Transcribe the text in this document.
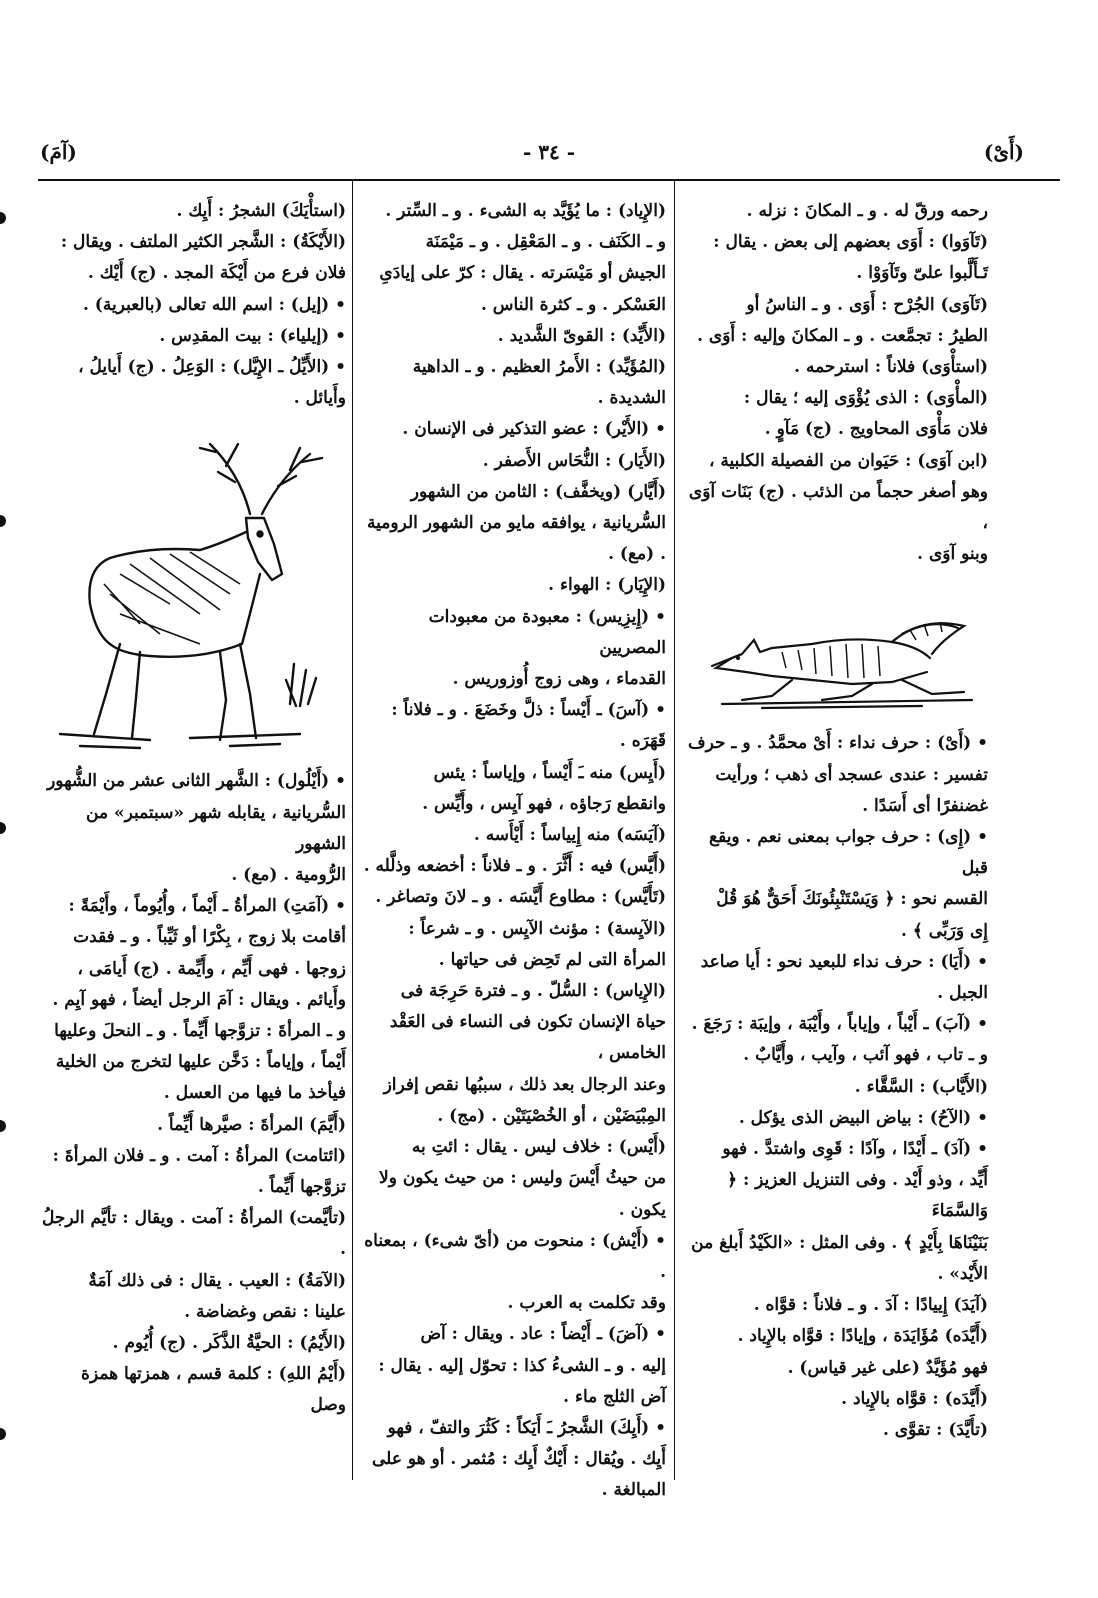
(أَىْ)
- ٣٤ -
(آمَ)

رحمه ورقّ له . و ـ المكانَ : نزله .

(تَآوَوا) : أَوَى بعضهم إلى بعض . يقال :

تَـأَلَّبوا علىّ وتَآوَوْا .

(تَآوَى) الجُرْح : أَوَى . و ـ الناسُ أو

الطيرُ : تجمَّعت . و ـ المكانَ وإليه : أَوَى .

(استأْوَى) فلاناً : استرحمه .

(المأْوَى) : الذى يُؤْوَى إليه ؛ يقال :

فلان مَأْوَى المحاويج . (ج) مَآوٍ .

(ابن آوَى) : حَيَوان من الفصيلة الكلبية ،

وهو أصغر حجماً من الذئب . (ج) بَنَات آوَى ،

وبنو آوَى .

• (أَىْ) : حرف نداء : أَىْ محمَّدُ . و ـ حرف

تفسير : عندى عسجد أى ذهب ؛ ورأيت

غضنفرًا أى أَسَدًا .

• (إِى) : حرف جواب بمعنى نعم . ويقع قبل

القسم نحو : ﴿ وَيَسْتَنْبِئُونَكَ أَحَقٌّ هُوَ قُلْ

إِى وَرَبِّى ﴾ .

• (أَيَا) : حرف نداء للبعيد نحو : أَيا صاعد

الجبل .

• (آبَ) ـ أَيْباً ، وإياباً ، وأَيْبَة ، وإيبَة : رَجَعَ .

و ـ تاب ، فهو آئب ، وآيب ، وأَيَّابٌ .

(الأَيَّاب) : السَّقَّاء .

• (الآحُ) : بياض البيض الذى يؤكل .

• (آدَ) ـ أَيْدًا ، وآدًا : قَوِى واشتدَّ . فهو

أَيِّد ، وذو أَيْد . وفى التنزيل العزيز : ﴿ وَالسَّمَاءَ

بَنَيْنَاهَا بِأَيْدٍ ﴾ . وفى المثل : «الكَيْدُ أَبلغ من الأَيْد» .

(آيَدَ) إِييادًا : آدَ . و ـ فلاناً : قوَّاه .

(أَيَّدَه) مُؤَايَدَة ، وإيادًا : قوَّاه بالإِياد .

فهو مُؤَيَّدٌ (على غير قياس) .

(أَيَّدَه) : قوَّاه بالإِياد .

(تأَيَّدَ) : تقوَّى .

(الإِياد) : ما يُؤَيَّد به الشىء . و ـ السِّتر .

و ـ الكَنَف . و ـ المَعْقِل . و ـ مَيْمَنَة

الجيش أو مَيْسَرته . يقال : كرّ على إيادَىِ

العَسْكر . و ـ كثرة الناس .

(الأَيِّد) : القوىّ الشَّديد .

(المُؤَيِّد) : الأَمرُ العظيم . و ـ الداهية الشديدة .

• (الأَيْر) : عضو التذكير فى الإنسان .

(الأَيَار) : النُّحَاس الأَصفر .

(أَيَّار) (ويخفَّف) : الثامن من الشهور

السُّريانية ، يوافقه مايو من الشهور الرومية . (مع) .

(الإِيَار) : الهواء .

• (إِيزِيس) : معبودة من معبودات المصريين

القدماء ، وهى زوج أُوزوريس .

• (آسَ) ـ أَيْساً : ذلَّ وخَضَعَ . و ـ فلاناً : قَهَرَه .

(أَيِس) منه ـَ أَيْساً ، وإياساً : يئس

وانقطع رَجاؤه ، فهو آيِس ، وأَيِّس .

(آيَسَه) منه إِيياساً : أَيْأَسه .

(أَيَّس) فيه : أَثَّرَ . و ـ فلاناً : أخضعه وذلَّله .

(تَأَيَّس) : مطاوع أَيَّسَه . و ـ لانَ وتصاغر .

(الآيِسة) : مؤنث الآيِس . و ـ شرعاً :

المرأة التى لم تَحِض فى حياتها .

(الإِياس) : السُّلّ . و ـ فترة حَرِجَة فى

حياة الإنسان تكون فى النساء فى العَقْد الخامس ،

وعند الرجال بعد ذلك ، سببُها نقص إفراز

المِبْيَضَيْن ، أو الخُصْيَتَيْن . (مج) .

(أَيْس) : خلاف ليس . يقال : ائتِ به

من حيثُ أَيْسَ وليس : من حيث يكون ولا يكون .

• (أَيْش) : منحوت من (أىّ شىء) ، بمعناه .

وقد تكلمت به العرب .

• (آضَ) ـ أَيْضاً : عاد . ويقال : آض

إليه . و ـ الشىءُ كذا : تحوّل إليه . يقال :

آض الثلج ماء .

• (أَيِكَ) الشَّجرُ ـَ أَيَكاً : كَثُرَ والتفّ ، فهو

أَيِك . ويُقال : أَيْكٌ أَيِك : مُثمر . أو هو على

المبالغة .

(استأْيَكَ) الشجرُ : أَيِك .

(الأَيْكَةُ) : الشَّجر الكثير الملتف . ويقال :

فلان فرع من أَيْكَة المجد . (ج) أَيْك .

• (إيل) : اسم الله تعالى (بالعبرية) .

• (إيلياء) : بيت المقدِس .

• (الأَيِّلُ ـ الإِيَّل) : الوَعِلُ . (ج) أَيايلُ ،

وأَيائل .

• (أَيْلُول) : الشَّهر الثانى عشر من الشُّهور

السُّريانية ، يقابله شهر «سبتمبر» من الشهور

الرُّومية . (مع) .

• (آمَتِ) المرأةُ ـ أَيْماً ، وأُيُوماً ، وأَيْمَةً :

أقامت بلا زوج ، بِكْرًا أو ثَيِّباً . و ـ فقدت

زوجها . فهى أَيِّم ، وأَيِّمة . (ج) أَيامَى ،

وأَيائم . ويقال : آمَ الرجل أيضاً ، فهو آيِم .

و ـ المرأةَ : تزوَّجها أَيِّماً . و ـ النحلَ وعليها

أَيْماً ، وإياماً : دَخَّن عليها لتخرج من الخلية

فيأخذ ما فيها من العسل .

(أَيَّمَ) المرأةَ : صيَّرها أَيِّماً .

(ائتامت) المرأةُ : آمت . و ـ فلان المرأةَ :

تزوَّجها أَيِّماً .

(تأيَّمت) المرأةُ : آمت . ويقال : تأيَّم الرجلُ .

(الآمَةُ) : العيب . يقال : فى ذلك آمَةٌ

علينا : نقص وغضاضة .

(الأَيْمُ) : الحيَّةُ الذَّكَر . (ج) أُيُوم .

(أَيْمُ اللهِ) : كلمة قسم ، همزتها همزة وصل
